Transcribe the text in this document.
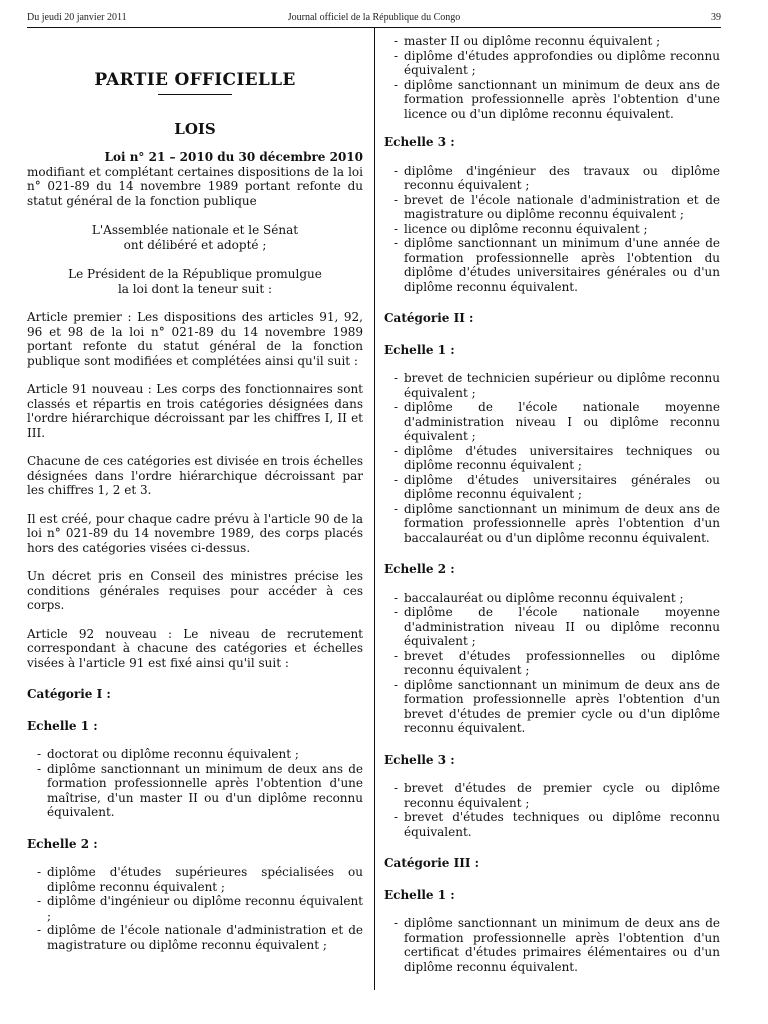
Du jeudi 20 janvier 2011	Journal officiel de la République du Congo	39
PARTIE OFFICIELLE
LOIS

Loi n° 21 – 2010 du 30 décembre 2010

modifiant et complétant certaines dispositions de la loi n° 021-89 du 14 novembre 1989 portant refonte du statut général de la fonction publique

L'Assemblée nationale et le Sénat
ont délibéré et adopté ;
Le Président de la République promulgue
la loi dont la teneur suit :

Article premier : Les dispositions des articles 91, 92, 96 et 98 de la loi n° 021-89 du 14 novembre 1989 portant refonte du statut général de la fonction publique sont modifiées et complétées ainsi qu'il suit :

Article 91 nouveau : Les corps des fonctionnaires sont classés et répartis en trois catégories désignées dans l'ordre hiérarchique décroissant par les chiffres I, II et III.

Chacune de ces catégories est divisée en trois échelles désignées dans l'ordre hiérarchique décroissant par les chiffres 1, 2 et 3.

Il est créé, pour chaque cadre prévu à l'article 90 de la loi n° 021-89 du 14 novembre 1989, des corps placés hors des catégories visées ci-dessus.

Un décret pris en Conseil des ministres précise les conditions générales requises pour accéder à ces corps.

Article 92 nouveau : Le niveau de recrutement correspondant à chacune des catégories et échelles visées à l'article 91 est fixé ainsi qu'il suit :

Catégorie I :

Echelle 1 :

- doctorat ou diplôme reconnu équivalent ;
- diplôme sanctionnant un minimum de deux ans de formation professionnelle après l'obtention d'une maîtrise, d'un master II ou d'un diplôme reconnu équivalent.

Echelle 2 :

- diplôme d'études supérieures spécialisées ou diplôme reconnu équivalent ;
- diplôme d'ingénieur ou diplôme reconnu équivalent ;
- diplôme de l'école nationale d'administration et de magistrature ou diplôme reconnu équivalent ;
- master II ou diplôme reconnu équivalent ;
- diplôme d'études approfondies ou diplôme reconnu équivalent ;
- diplôme sanctionnant un minimum de deux ans de formation professionnelle après l'obtention d'une licence ou d'un diplôme reconnu équivalent.

Echelle 3 :

- diplôme d'ingénieur des travaux ou diplôme reconnu équivalent ;
- brevet de l'école nationale d'administration et de magistrature ou diplôme reconnu équivalent ;
- licence ou diplôme reconnu équivalent ;
- diplôme sanctionnant un minimum d'une année de formation professionnelle après l'obtention du diplôme d'études universitaires générales ou d'un diplôme reconnu équivalent.

Catégorie II :

Echelle 1 :

- brevet de technicien supérieur ou diplôme reconnu équivalent ;
- diplôme de l'école nationale moyenne d'administration niveau I ou diplôme reconnu équivalent ;
- diplôme d'études universitaires techniques ou diplôme reconnu équivalent ;
- diplôme d'études universitaires générales ou diplôme reconnu équivalent ;
- diplôme sanctionnant un minimum de deux ans de formation professionnelle après l'obtention d'un baccalauréat ou d'un diplôme reconnu équivalent.

Echelle 2 :

- baccalauréat ou diplôme reconnu équivalent ;
- diplôme de l'école nationale moyenne d'administration niveau II ou diplôme reconnu équivalent ;
- brevet d'études professionnelles ou diplôme reconnu équivalent ;
- diplôme sanctionnant un minimum de deux ans de formation professionnelle après l'obtention d'un brevet d'études de premier cycle ou d'un diplôme reconnu équivalent.

Echelle 3 :

- brevet d'études de premier cycle ou diplôme reconnu équivalent ;
- brevet d'études techniques ou diplôme reconnu équivalent.

Catégorie III :

Echelle 1 :

- diplôme sanctionnant un minimum de deux ans de formation professionnelle après l'obtention d'un certificat d'études primaires élémentaires ou d'un diplôme reconnu équivalent.
